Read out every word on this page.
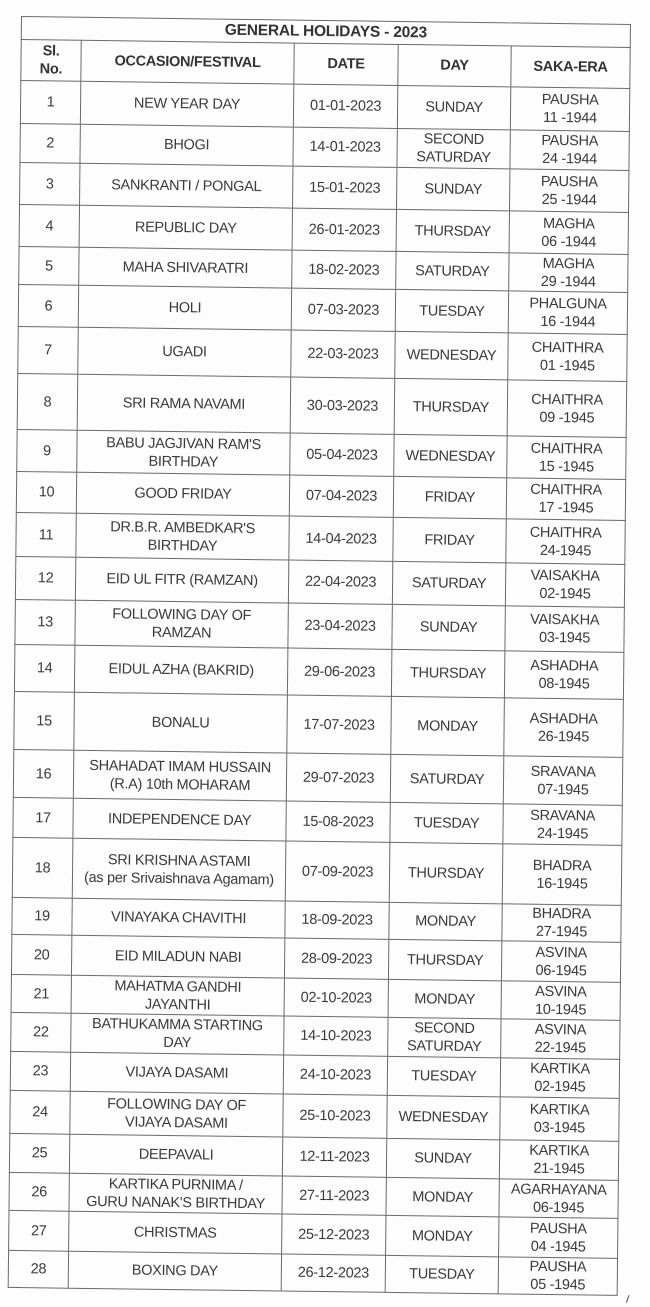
GENERAL HOLIDAYS - 2023				

Sl.
No.	OCCASION/FESTIVAL	DATE	DAY	SAKA-ERA
1	NEW YEAR DAY	01-01-2023	SUNDAY	PAUSHA
11 -1944

2	BHOGI	14-01-2023	SECOND
SATURDAY	PAUSHA
24 -1944

3	SANKRANTI / PONGAL	15-01-2023	SUNDAY	PAUSHA
25 -1944

4	REPUBLIC DAY	26-01-2023	THURSDAY	MAGHA
06 -1944

5	MAHA SHIVARATRI	18-02-2023	SATURDAY	MAGHA
29 -1944

6	HOLI	07-03-2023	TUESDAY	PHALGUNA
16 -1944

7	UGADI	22-03-2023	WEDNESDAY	CHAITHRA
01 -1945

8	SRI RAMA NAVAMI	30-03-2023	THURSDAY	CHAITHRA
09 -1945

9	BABU JAGJIVAN RAM'S
BIRTHDAY	05-04-2023	WEDNESDAY	CHAITHRA
15 -1945

10	GOOD FRIDAY	07-04-2023	FRIDAY	CHAITHRA
17 -1945

11	DR.B.R. AMBEDKAR'S
BIRTHDAY	14-04-2023	FRIDAY	CHAITHRA
24-1945

12	EID UL FITR (RAMZAN)	22-04-2023	SATURDAY	VAISAKHA
02-1945

13	FOLLOWING DAY OF
RAMZAN	23-04-2023	SUNDAY	VAISAKHA
03-1945

14	EIDUL AZHA (BAKRID)	29-06-2023	THURSDAY	ASHADHA
08-1945

15	BONALU	17-07-2023	MONDAY	ASHADHA
26-1945

16	SHAHADAT IMAM HUSSAIN
(R.A) 10th MOHARAM	29-07-2023	SATURDAY	SRAVANA
07-1945

17	INDEPENDENCE DAY	15-08-2023	TUESDAY	SRAVANA
24-1945

18	SRI KRISHNA ASTAMI
(as per Srivaishnava Agamam)	07-09-2023	THURSDAY	BHADRA
16-1945

19	VINAYAKA CHAVITHI	18-09-2023	MONDAY	BHADRA
27-1945

20	EID MILADUN NABI	28-09-2023	THURSDAY	ASVINA
06-1945

21	MAHATMA GANDHI
JAYANTHI	02-10-2023	MONDAY	ASVINA
10-1945

22	BATHUKAMMA STARTING
DAY	14-10-2023	SECOND
SATURDAY	ASVINA
22-1945

23	VIJAYA DASAMI	24-10-2023	TUESDAY	KARTIKA
02-1945

24	FOLLOWING DAY OF
VIJAYA DASAMI	25-10-2023	WEDNESDAY	KARTIKA
03-1945

25	DEEPAVALI	12-11-2023	SUNDAY	KARTIKA
21-1945

26	KARTIKA PURNIMA /
GURU NANAK'S BIRTHDAY	27-11-2023	MONDAY	AGARHAYANA
06-1945

27	CHRISTMAS	25-12-2023	MONDAY	PAUSHA
04 -1945

28	BOXING DAY	26-12-2023	TUESDAY	PAUSHA
05 -1945
